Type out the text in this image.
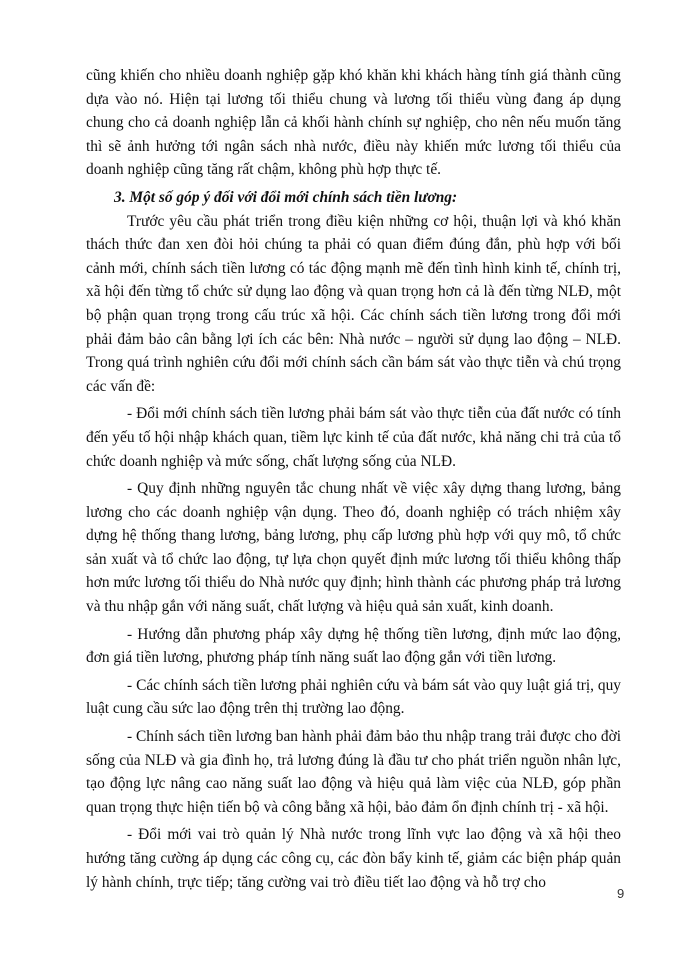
cũng khiến cho nhiều doanh nghiệp gặp khó khăn khi khách hàng tính giá thành cũng dựa vào nó. Hiện tại lương tối thiểu chung và lương tối thiểu vùng đang áp dụng chung cho cả doanh nghiệp lẫn cả khối hành chính sự nghiệp, cho nên nếu muốn tăng thì sẽ ảnh hưởng tới ngân sách nhà nước, điều này khiến mức lương tối thiểu của doanh nghiệp cũng tăng rất chậm, không phù hợp thực tế.

3. Một số góp ý đối với đổi mới chính sách tiền lương:

Trước yêu cầu phát triển trong điều kiện những cơ hội, thuận lợi và khó khăn thách thức đan xen đòi hỏi chúng ta phải có quan điểm đúng đắn, phù hợp với bối cảnh mới, chính sách tiền lương có tác động mạnh mẽ đến tình hình kinh tế, chính trị, xã hội đến từng tổ chức sử dụng lao động và quan trọng hơn cả là đến từng NLĐ, một bộ phận quan trọng trong cấu trúc xã hội. Các chính sách tiền lương trong đổi mới phải đảm bảo cân bằng lợi ích các bên: Nhà nước – người sử dụng lao động – NLĐ. Trong quá trình nghiên cứu đổi mới chính sách cần bám sát vào thực tiễn và chú trọng các vấn đề:

- Đổi mới chính sách tiền lương phải bám sát vào thực tiễn của đất nước có tính đến yếu tố hội nhập khách quan, tiềm lực kinh tế của đất nước, khả năng chi trả của tổ chức doanh nghiệp và mức sống, chất lượng sống của NLĐ.

- Quy định những nguyên tắc chung nhất về việc xây dựng thang lương, bảng lương cho các doanh nghiệp vận dụng. Theo đó, doanh nghiệp có trách nhiệm xây dựng hệ thống thang lương, bảng lương, phụ cấp lương phù hợp với quy mô, tổ chức sản xuất và tổ chức lao động, tự lựa chọn quyết định mức lương tối thiểu không thấp hơn mức lương tối thiểu do Nhà nước quy định; hình thành các phương pháp trả lương và thu nhập gắn với năng suất, chất lượng và hiệu quả sản xuất, kinh doanh.

- Hướng dẫn phương pháp xây dựng hệ thống tiền lương, định mức lao động, đơn giá tiền lương, phương pháp tính năng suất lao động gắn với tiền lương.

- Các chính sách tiền lương phải nghiên cứu và bám sát vào quy luật giá trị, quy luật cung cầu sức lao động trên thị trường lao động.

- Chính sách tiền lương ban hành phải đảm bảo thu nhập trang trải được cho đời sống của NLĐ và gia đình họ, trả lương đúng là đầu tư cho phát triển nguồn nhân lực, tạo động lực nâng cao năng suất lao động và hiệu quả làm việc của NLĐ, góp phần quan trọng thực hiện tiến bộ và công bằng xã hội, bảo đảm ổn định chính trị - xã hội.

- Đổi mới vai trò quản lý Nhà nước trong lĩnh vực lao động và xã hội theo hướng tăng cường áp dụng các công cụ, các đòn bẩy kinh tế, giảm các biện pháp quản lý hành chính, trực tiếp; tăng cường vai trò điều tiết lao động và hỗ trợ cho

9
